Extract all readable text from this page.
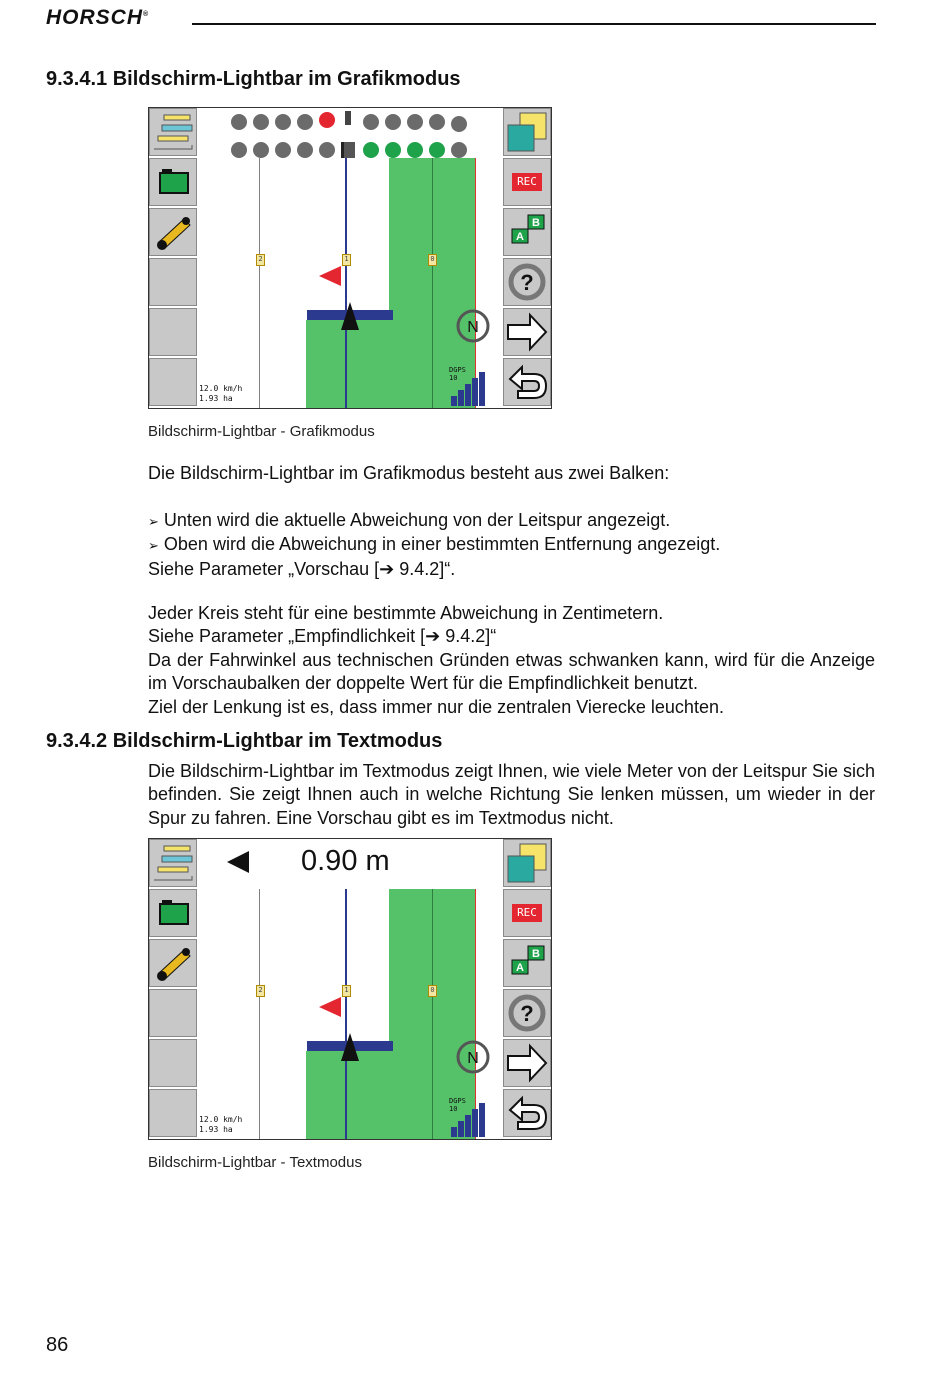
HORSCH®
9.3.4.1 Bildschirm-Lightbar im Grafikmodus
2	1	0
N
DGPS
10
12.0 km/h
1.93 ha
REC
A
B
?
Bildschirm-Lightbar - Grafikmodus
Die Bildschirm-Lightbar im Grafikmodus besteht aus zwei Balken:
➢ Unten wird die aktuelle Abweichung von der Leitspur angezeigt.
➢ Oben wird die Abweichung in einer bestimmten Entfernung angezeigt.
Siehe Parameter „Vorschau [➔ 9.4.2]“.
Jeder Kreis steht für eine bestimmte Abweichung in Zentimetern.
Siehe Parameter „Empfindlichkeit [➔ 9.4.2]“
Da der Fahrwinkel aus technischen Gründen etwas schwanken kann, wird für die Anzeige im Vorschaubalken der doppelte Wert für die Empfindlichkeit benutzt.
Ziel der Lenkung ist es, dass immer nur die zentralen Vierecke leuchten.
9.3.4.2 Bildschirm-Lightbar im Textmodus
Die Bildschirm-Lightbar im Textmodus zeigt Ihnen, wie viele Meter von der Leitspur Sie sich befinden. Sie zeigt Ihnen auch in welche Richtung Sie lenken müssen, um wieder in der Spur zu fahren. Eine Vorschau gibt es im Textmodus nicht.
2	1	0
N
DGPS
10
12.0 km/h
1.93 ha
0.90 m
REC
A
B
?
Bildschirm-Lightbar - Textmodus
86
